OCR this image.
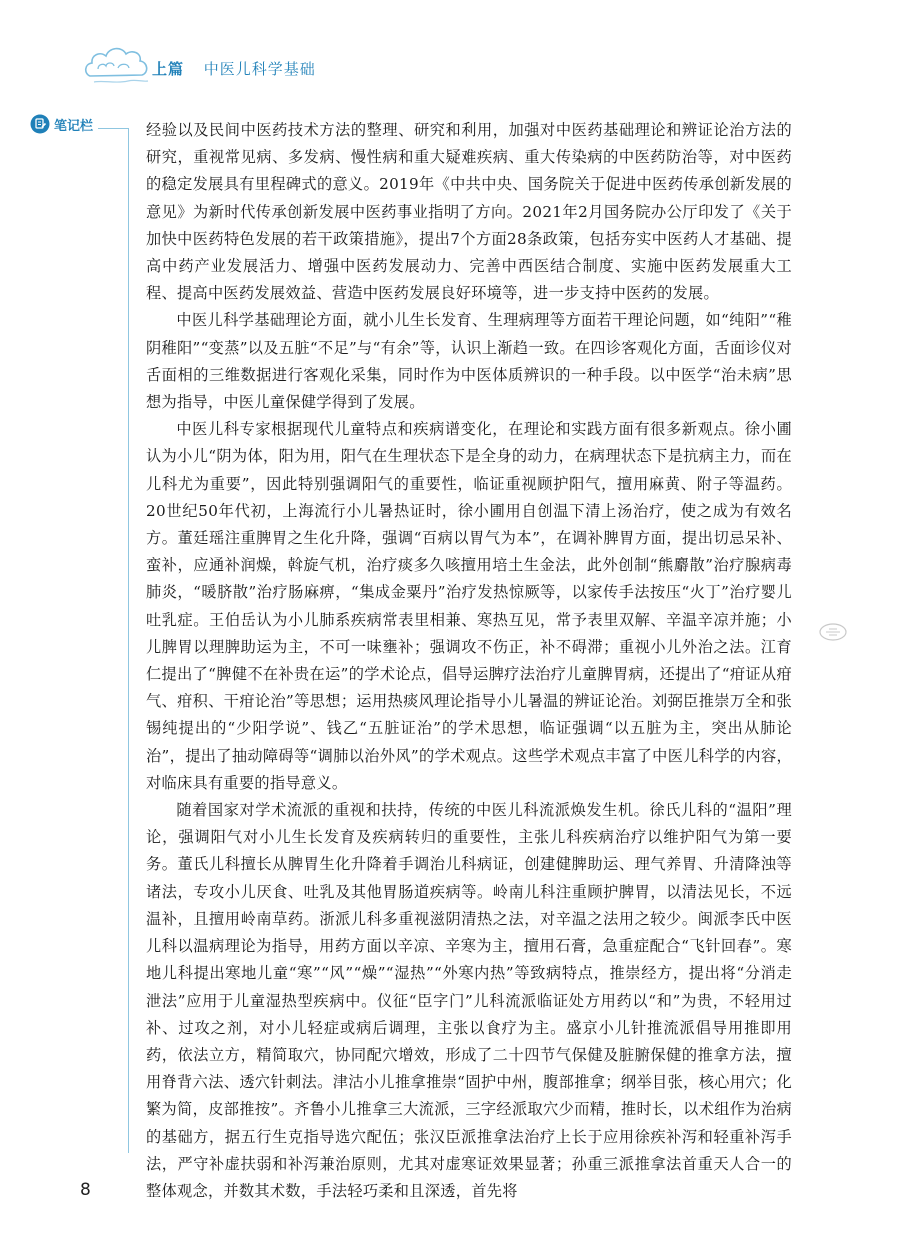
上篇 中医儿科学基础
笔记栏	经验以及民间中医药技术方法的整理、研究和利用，加强对中医药基础理论和辨证论治方法的研究，重视常见病、多发病、慢性病和重大疑难疾病、重大传染病的中医药防治等，对中医药的稳定发展具有里程碑式的意义。2019年《中共中央、国务院关于促进中医药传承创新发展的意见》为新时代传承创新发展中医药事业指明了方向。2021年2月国务院办公厅印发了《关于加快中医药特色发展的若干政策措施》，提出7个方面28条政策，包括夯实中医药人才基础、提高中药产业发展活力、增强中医药发展动力、完善中西医结合制度、实施中医药发展重大工程、提高中医药发展效益、营造中医药发展良好环境等，进一步支持中医药的发展。

中医儿科学基础理论方面，就小儿生长发育、生理病理等方面若干理论问题，如“纯阳”“稚阴稚阳”“变蒸”以及五脏“不足”与“有余”等，认识上渐趋一致。在四诊客观化方面，舌面诊仪对舌面相的三维数据进行客观化采集，同时作为中医体质辨识的一种手段。以中医学“治未病”思想为指导，中医儿童保健学得到了发展。

中医儿科专家根据现代儿童特点和疾病谱变化，在理论和实践方面有很多新观点。徐小圃认为小儿“阴为体，阳为用，阳气在生理状态下是全身的动力，在病理状态下是抗病主力，而在儿科尤为重要”，因此特别强调阳气的重要性，临证重视顾护阳气，擅用麻黄、附子等温药。20世纪50年代初，上海流行小儿暑热证时，徐小圃用自创温下清上汤治疗，使之成为有效名方。董廷瑶注重脾胃之生化升降，强调“百病以胃气为本”，在调补脾胃方面，提出切忌呆补、蛮补，应通补润燥，斡旋气机，治疗痰多久咳擅用培土生金法，此外创制“熊麝散”治疗腺病毒肺炎，“暖脐散”治疗肠麻痹，“集成金粟丹”治疗发热惊厥等，以家传手法按压“火丁”治疗婴儿吐乳症。王伯岳认为小儿肺系疾病常表里相兼、寒热互见，常予表里双解、辛温辛凉并施；小儿脾胃以理脾助运为主，不可一味壅补；强调攻不伤正，补不碍滞；重视小儿外治之法。江育仁提出了“脾健不在补贵在运”的学术论点，倡导运脾疗法治疗儿童脾胃病，还提出了“疳证从疳气、疳积、干疳论治”等思想；运用热痰风理论指导小儿暑温的辨证论治。刘弼臣推崇万全和张锡纯提出的“少阳学说”、钱乙“五脏证治”的学术思想，临证强调“以五脏为主，突出从肺论治”，提出了抽动障碍等“调肺以治外风”的学术观点。这些学术观点丰富了中医儿科学的内容，对临床具有重要的指导意义。

随着国家对学术流派的重视和扶持，传统的中医儿科流派焕发生机。徐氏儿科的“温阳”理论，强调阳气对小儿生长发育及疾病转归的重要性，主张儿科疾病治疗以维护阳气为第一要务。董氏儿科擅长从脾胃生化升降着手调治儿科病证，创建健脾助运、理气养胃、升清降浊等诸法，专攻小儿厌食、吐乳及其他胃肠道疾病等。岭南儿科注重顾护脾胃，以清法见长，不远温补，且擅用岭南草药。浙派儿科多重视滋阴清热之法，对辛温之法用之较少。闽派李氏中医儿科以温病理论为指导，用药方面以辛凉、辛寒为主，擅用石膏，急重症配合“飞针回春”。寒地儿科提出寒地儿童“寒”“风”“燥”“湿热”“外寒内热”等致病特点，推崇经方，提出将“分消走泄法”应用于儿童湿热型疾病中。仪征“臣字门”儿科流派临证处方用药以“和”为贵，不轻用过补、过攻之剂，对小儿轻症或病后调理，主张以食疗为主。盛京小儿针推流派倡导用推即用药，依法立方，精简取穴，协同配穴增效，形成了二十四节气保健及脏腑保健的推拿方法，擅用脊背六法、透穴针刺法。津沽小儿推拿推崇“固护中州，腹部推拿；纲举目张，核心用穴；化繁为简，皮部推按”。齐鲁小儿推拿三大流派，三字经派取穴少而精，推时长，以术组作为治病的基础方，据五行生克指导选穴配伍；张汉臣派推拿法治疗上长于应用徐疾补泻和轻重补泻手法，严守补虚扶弱和补泻兼治原则，尤其对虚寒证效果显著；孙重三派推拿法首重天人合一的整体观念，并数其术数，手法轻巧柔和且深透，首先将

8
